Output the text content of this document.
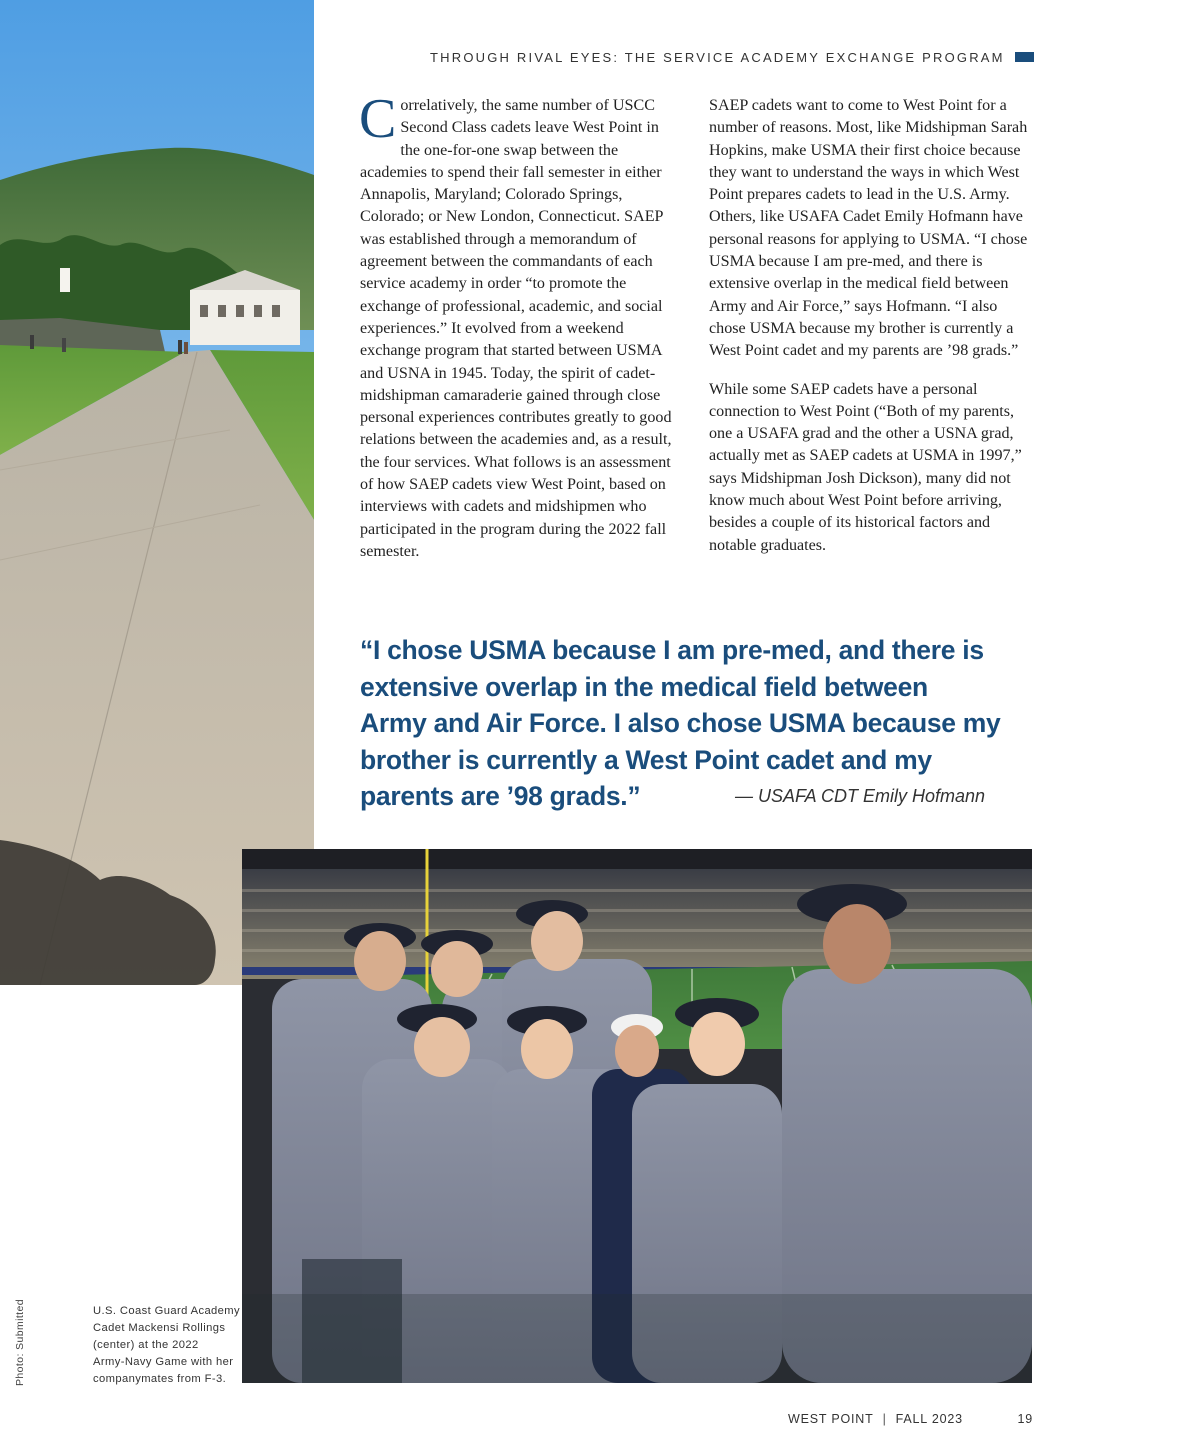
THROUGH RIVAL EYES: THE SERVICE ACADEMY EXCHANGE PROGRAM

Correlatively, the same number of USCC Second Class cadets leave West Point in the one-for-one swap between the academies to spend their fall semester in either Annapolis, Maryland; Colorado Springs, Colorado; or New London, Connecticut. SAEP was established through a memorandum of agreement between the commandants of each service academy in order “to promote the exchange of professional, academic, and social experiences.” It evolved from a weekend exchange program that started between USMA and USNA in 1945. Today, the spirit of cadet-midshipman camaraderie gained through close personal experiences contributes greatly to good relations between the academies and, as a result, the four services. What follows is an assessment of how SAEP cadets view West Point, based on interviews with cadets and midshipmen who participated in the program during the 2022 fall semester.

SAEP cadets want to come to West Point for a number of reasons. Most, like Midshipman Sarah Hopkins, make USMA their first choice because they want to understand the ways in which West Point prepares cadets to lead in the U.S. Army. Others, like USAFA Cadet Emily Hofmann have personal reasons for applying to USMA. “I chose USMA because I am pre-med, and there is extensive overlap in the medical field between Army and Air Force,” says Hofmann. “I also chose USMA because my brother is currently a West Point cadet and my parents are ’98 grads.”

While some SAEP cadets have a personal connection to West Point (“Both of my parents, one a USAFA grad and the other a USNA grad, actually met as SAEP cadets at USMA in 1997,” says Midshipman Josh Dickson), many did not know much about West Point before arriving, besides a couple of its historical factors and notable graduates.

“I chose USMA because I am pre-med, and there is
extensive overlap in the medical field between
Army and Air Force. I also chose USMA because my
brother is currently a West Point cadet and my
parents are ’98 grads.”	— USAFA CDT Emily Hofmann
U.S. Coast Guard Academy
Cadet Mackensi Rollings
(center) at the 2022
Army-Navy Game with her
companymates from F-3.
Photo: Submitted
WEST POINT | FALL 2023	19
